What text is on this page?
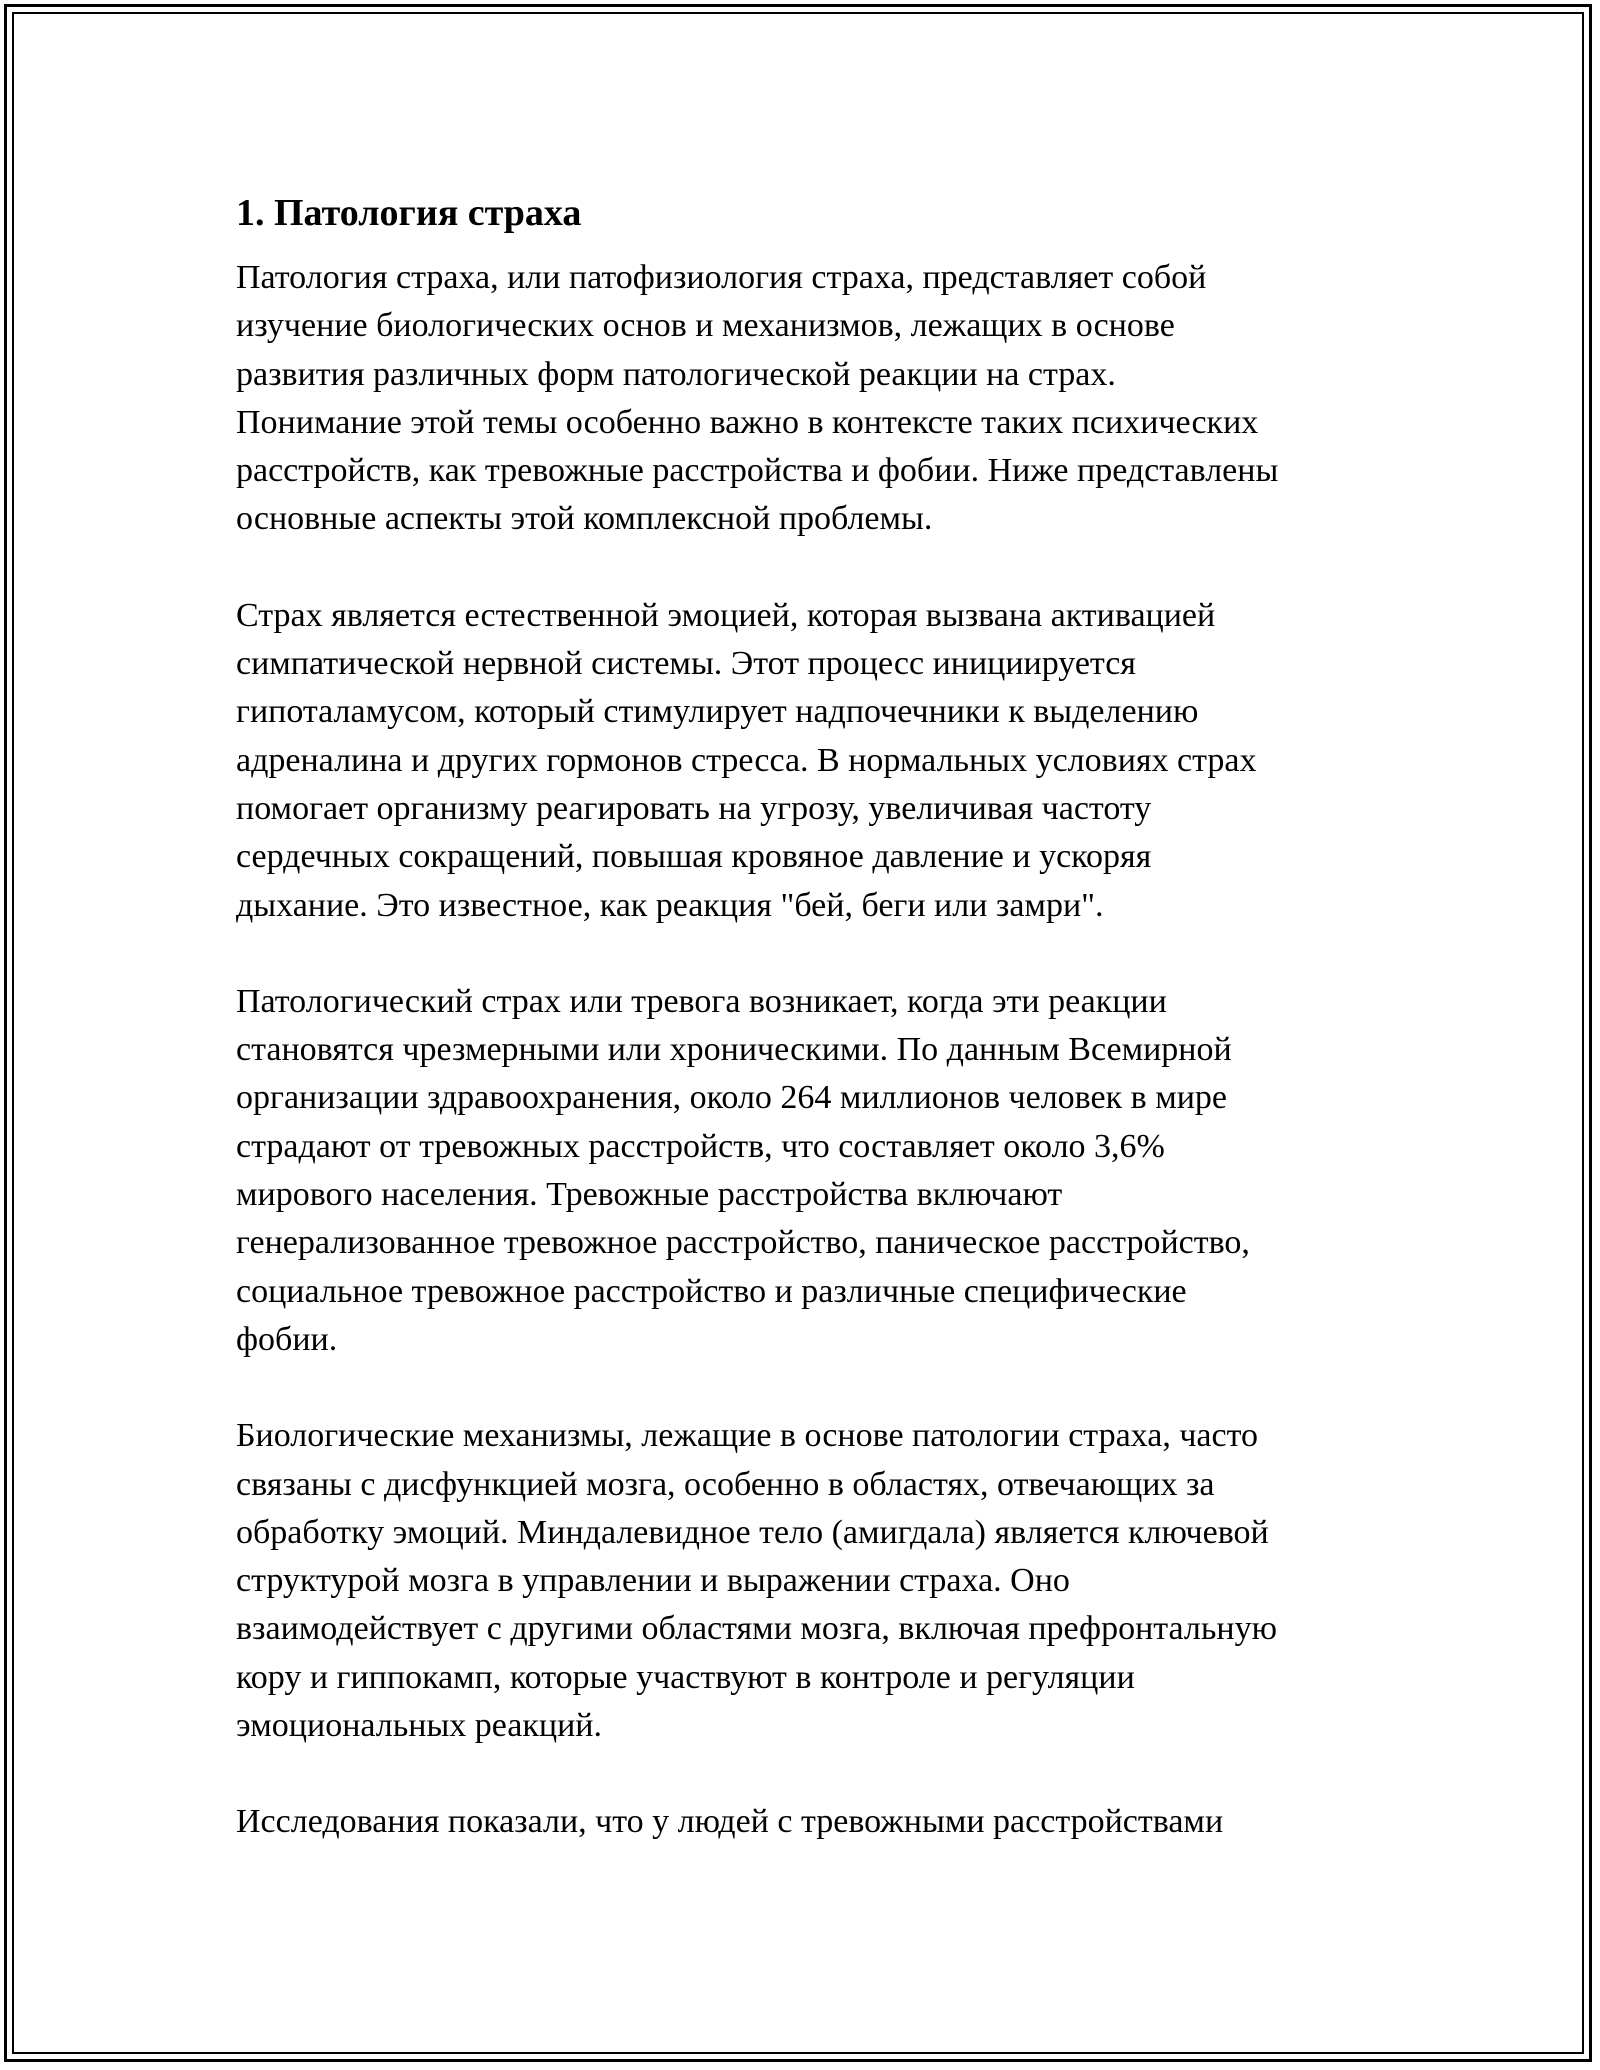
1. Патология страха

Патология страха, или патофизиология страха, представляет собой
изучение биологических основ и механизмов, лежащих в основе
развития различных форм патологической реакции на страх.
Понимание этой темы особенно важно в контексте таких психических
расстройств, как тревожные расстройства и фобии. Ниже представлены
основные аспекты этой комплексной проблемы.

Страх является естественной эмоцией, которая вызвана активацией
симпатической нервной системы. Этот процесс инициируется
гипоталамусом, который стимулирует надпочечники к выделению
адреналина и других гормонов стресса. В нормальных условиях страх
помогает организму реагировать на угрозу, увеличивая частоту
сердечных сокращений, повышая кровяное давление и ускоряя
дыхание. Это известное, как реакция "бей, беги или замри".

Патологический страх или тревога возникает, когда эти реакции
становятся чрезмерными или хроническими. По данным Всемирной
организации здравоохранения, около 264 миллионов человек в мире
страдают от тревожных расстройств, что составляет около 3,6%
мирового населения. Тревожные расстройства включают
генерализованное тревожное расстройство, паническое расстройство,
социальное тревожное расстройство и различные специфические
фобии.

Биологические механизмы, лежащие в основе патологии страха, часто
связаны с дисфункцией мозга, особенно в областях, отвечающих за
обработку эмоций. Миндалевидное тело (амигдала) является ключевой
структурой мозга в управлении и выражении страха. Оно
взаимодействует с другими областями мозга, включая префронтальную
кору и гиппокамп, которые участвуют в контроле и регуляции
эмоциональных реакций.

Исследования показали, что у людей с тревожными расстройствами
